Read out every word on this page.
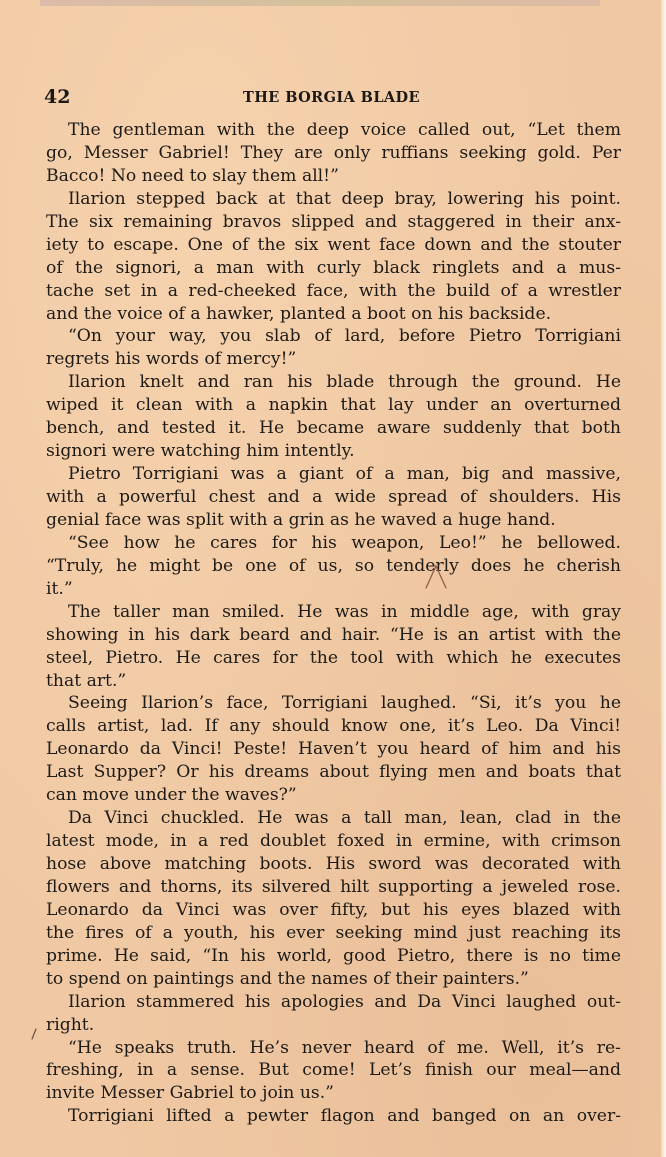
42	THE BORGIA BLADE
The gentleman with the deep voice called out, “Let them
go, Messer Gabriel! They are only ruffians seeking gold. Per
Bacco! No need to slay them all!”
Ilarion stepped back at that deep bray, lowering his point.
The six remaining bravos slipped and staggered in their anx-
iety to escape. One of the six went face down and the stouter
of the signori, a man with curly black ringlets and a mus-
tache set in a red-cheeked face, with the build of a wrestler
and the voice of a hawker, planted a boot on his backside.
“On your way, you slab of lard, before Pietro Torrigiani
regrets his words of mercy!”
Ilarion knelt and ran his blade through the ground. He
wiped it clean with a napkin that lay under an overturned
bench, and tested it. He became aware suddenly that both
signori were watching him intently.
Pietro Torrigiani was a giant of a man, big and massive,
with a powerful chest and a wide spread of shoulders. His
genial face was split with a grin as he waved a huge hand.
“See how he cares for his weapon, Leo!” he bellowed.
“Truly, he might be one of us, so tenderly does he cherish
it.”
The taller man smiled. He was in middle age, with gray
showing in his dark beard and hair. “He is an artist with the
steel, Pietro. He cares for the tool with which he executes
that art.”
Seeing Ilarion’s face, Torrigiani laughed. “Si, it’s you he
calls artist, lad. If any should know one, it’s Leo. Da Vinci!
Leonardo da Vinci! Peste! Haven’t you heard of him and his
Last Supper? Or his dreams about flying men and boats that
can move under the waves?”
Da Vinci chuckled. He was a tall man, lean, clad in the
latest mode, in a red doublet foxed in ermine, with crimson
hose above matching boots. His sword was decorated with
flowers and thorns, its silvered hilt supporting a jeweled rose.
Leonardo da Vinci was over fifty, but his eyes blazed with
the fires of a youth, his ever seeking mind just reaching its
prime. He said, “In his world, good Pietro, there is no time
to spend on paintings and the names of their painters.”
Ilarion stammered his apologies and Da Vinci laughed out-
right.
“He speaks truth. He’s never heard of me. Well, it’s re-
freshing, in a sense. But come! Let’s finish our meal—and
invite Messer Gabriel to join us.”
Torrigiani lifted a pewter flagon and banged on an over-
